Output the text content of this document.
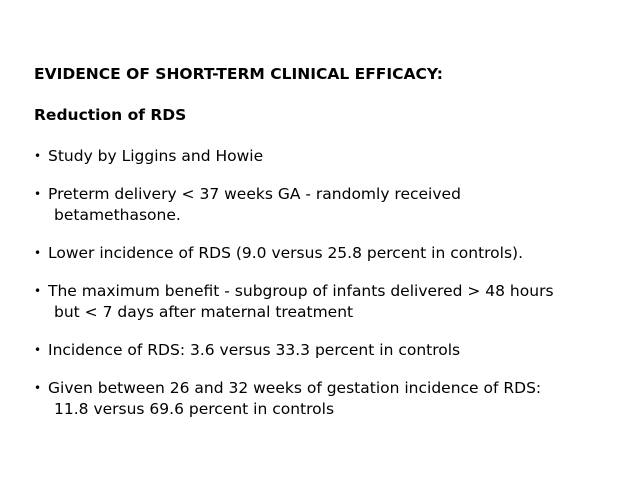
EVIDENCE OF SHORT-TERM CLINICAL EFFICACY:

Reduction of RDS

• Study by Liggins and Howie
• Preterm delivery < 37 weeks GA - randomly received
betamethasone.
• Lower incidence of RDS (9.0 versus 25.8 percent in controls).
• The maximum benefit - subgroup of infants delivered > 48 hours
but < 7 days after maternal treatment
• Incidence of RDS: 3.6 versus 33.3 percent in controls
• Given between 26 and 32 weeks of gestation incidence of RDS:
11.8 versus 69.6 percent in controls
